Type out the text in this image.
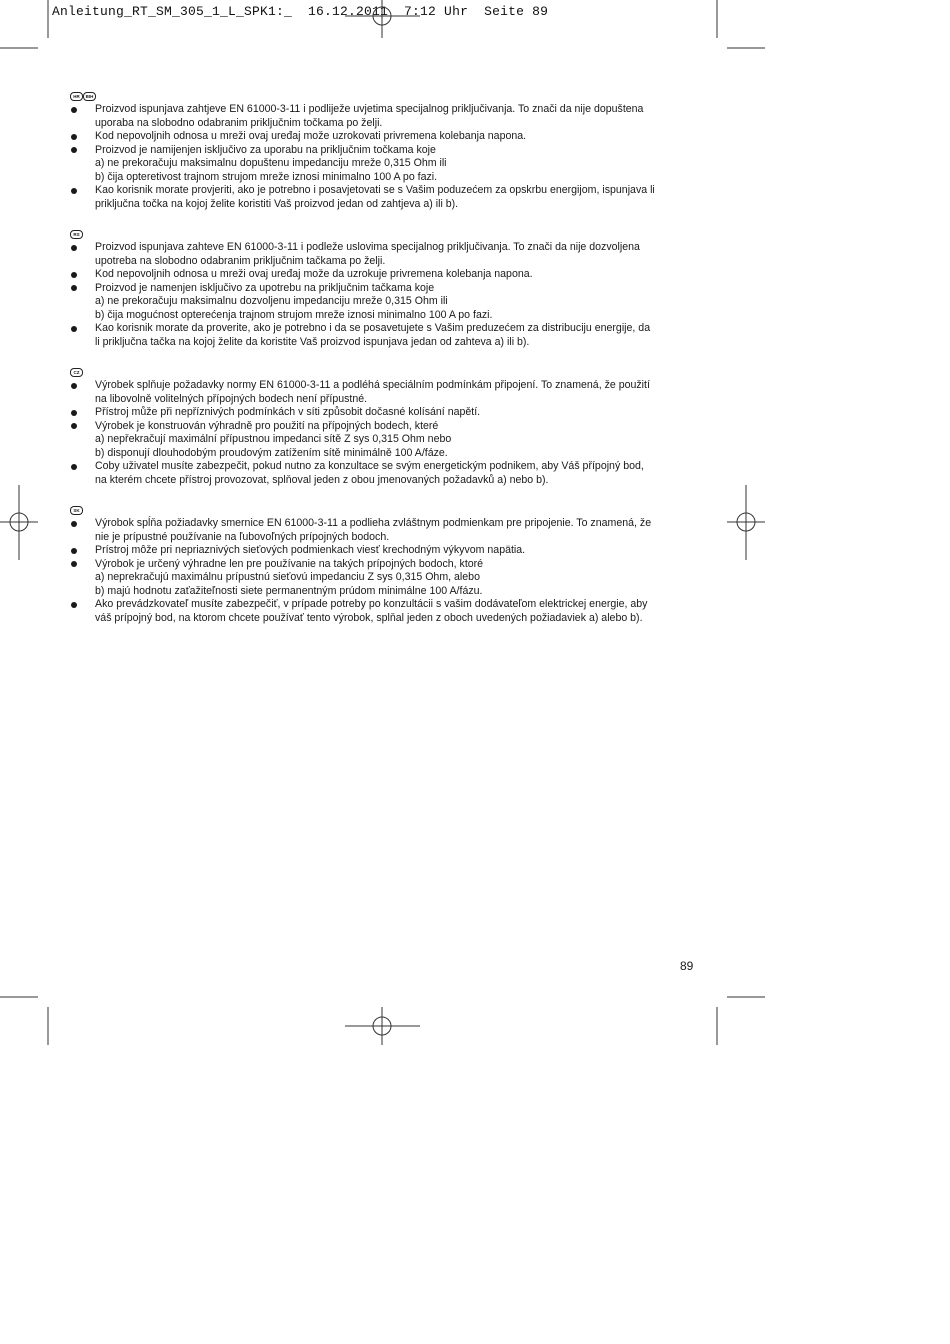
Anleitung_RT_SM_305_1_L_SPK1:_  16.12.2011  7:12 Uhr  Seite 89
HR	BIH
Proizvod ispunjava zahtjeve EN 61000-3-11 i podliježe uvjetima specijalnog priključivanja. To znači da nije dopuštena
uporaba na slobodno odabranim priključnim točkama po želji.
Kod nepovoljnih odnosa u mreži ovaj uređaj može uzrokovati privremena kolebanja napona.
Proizvod je namijenjen isključivo za uporabu na priključnim točkama koje
a) ne prekoračuju maksimalnu dopuštenu impedanciju mreže 0,315 Ohm ili
b) čija opteretivost trajnom strujom mreže iznosi minimalno 100 A po fazi.
Kao korisnik morate provjeriti, ako je potrebno i posavjetovati se s Vašim poduzećem za opskrbu energijom, ispunjava li
priključna točka na kojoj želite koristiti Vaš proizvod jedan od zahtjeva a) ili b).
RS
Proizvod ispunjava zahteve EN 61000-3-11 i podleže uslovima specijalnog priključivanja. To znači da nije dozvoljena
upotreba na slobodno odabranim priključnim tačkama po želji.
Kod nepovoljnih odnosa u mreži ovaj uređaj može da uzrokuje privremena kolebanja napona.
Proizvod je namenjen isključivo za upotrebu na priključnim tačkama koje
a) ne prekoračuju maksimalnu dozvoljenu impedanciju mreže 0,315 Ohm ili
b) čija mogućnost opterećenja trajnom strujom mreže iznosi minimalno 100 A po fazi.
Kao korisnik morate da proverite, ako je potrebno i da se posavetujete s Vašim preduzećem za distribuciju energije, da
li priključna tačka na kojoj želite da koristite Vaš proizvod ispunjava jedan od zahteva a) ili b).
CZ
Výrobek splňuje požadavky normy EN 61000-3-11 a podléhá speciálním podmínkám připojení. To znamená, že použití
na libovolně volitelných přípojných bodech není přípustné.
Přístroj může při nepříznivých podmínkách v síti způsobit dočasné kolísání napětí.
Výrobek je konstruován výhradně pro použití na přípojných bodech, které
a) nepřekračují maximální přípustnou impedanci sítě Z sys 0,315 Ohm nebo
b) disponují dlouhodobým proudovým zatížením sítě minimálně 100 A/fáze.
Coby uživatel musíte zabezpečit, pokud nutno za konzultace se svým energetickým podnikem, aby Váš přípojný bod,
na kterém chcete přístroj provozovat, splňoval jeden z obou jmenovaných požadavků a) nebo b).
SK
Výrobok spĺňa požiadavky smernice EN 61000-3-11 a podlieha zvláštnym podmienkam pre pripojenie. To znamená, že
nie je prípustné používanie na ľubovoľných prípojných bodoch.
Prístroj môže pri nepriaznivých sieťových podmienkach viesť krechodným výkyvom napätia.
Výrobok je určený výhradne len pre používanie na takých prípojných bodoch, ktoré
a) neprekračujú maximálnu prípustnú sieťovú impedanciu Z sys 0,315 Ohm, alebo
b) majú hodnotu zaťažiteľnosti siete permanentným prúdom minimálne 100 A/fázu.
Ako prevádzkovateľ musíte zabezpečiť, v prípade potreby po konzultácii s vašim dodávateľom elektrickej energie, aby
váš prípojný bod, na ktorom chcete používať tento výrobok, splňal jeden z oboch uvedených požiadaviek a) alebo b).
89
